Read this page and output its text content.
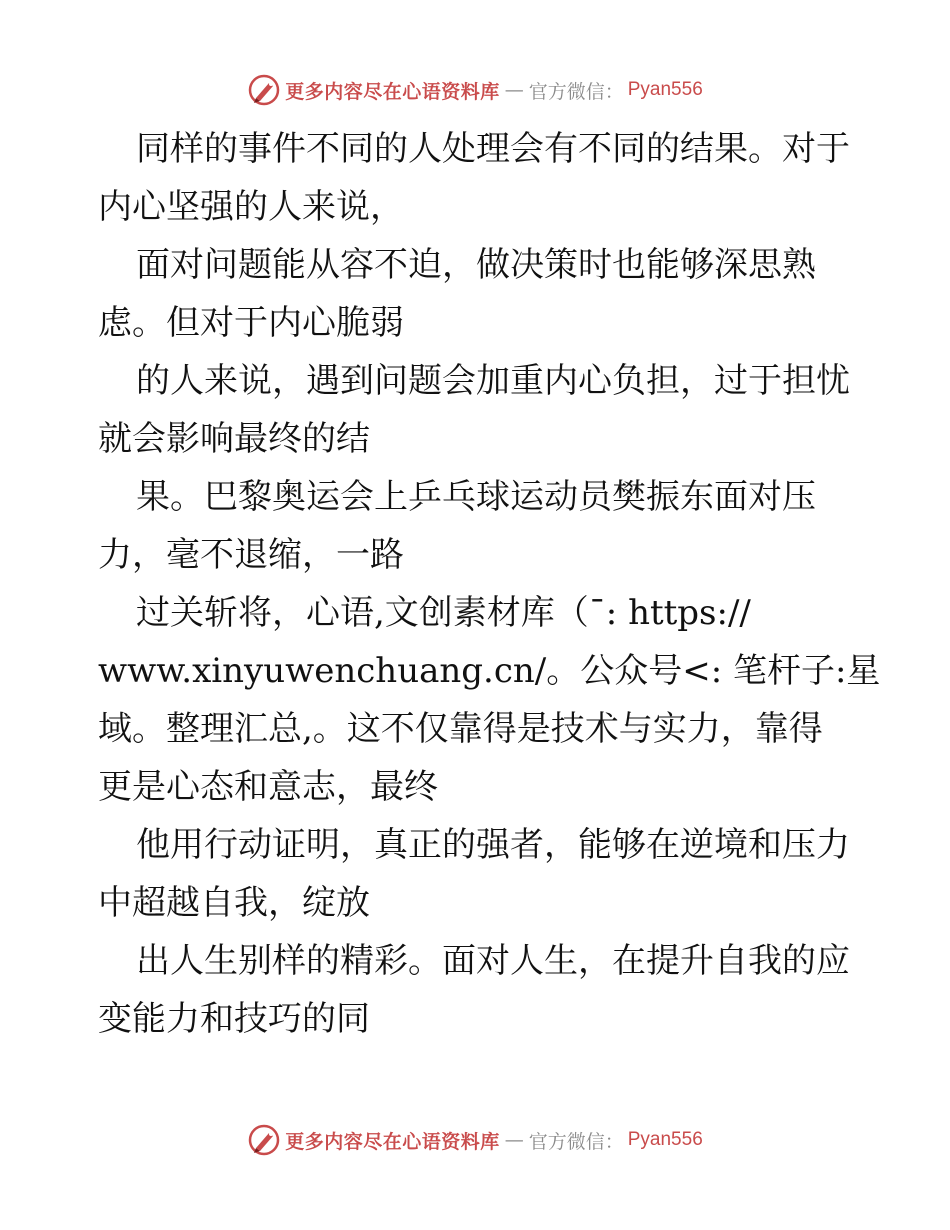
更多内容尽在心语资料库 — 官方微信： Pyan556

同样的事件不同的人处理会有不同的结果。对于

内心坚强的人来说，

面对问题能从容不迫，做决策时也能够深思熟

虑。但对于内心脆弱

的人来说，遇到问题会加重内心负担，过于担忧

就会影响最终的结

果。巴黎奥运会上乒乓球运动员樊振东面对压

力，毫不退缩，一路

过关斩将，心语,文创素材库（¯: https://

www.xinyuwenchuang.cn/。公众号<: 笔杆子:星

域。整理汇总,。这不仅靠得是技术与实力，靠得

更是心态和意志，最终

他用行动证明，真正的强者，能够在逆境和压力

中超越自我，绽放

出人生别样的精彩。面对人生，在提升自我的应

变能力和技巧的同

更多内容尽在心语资料库 — 官方微信： Pyan556
